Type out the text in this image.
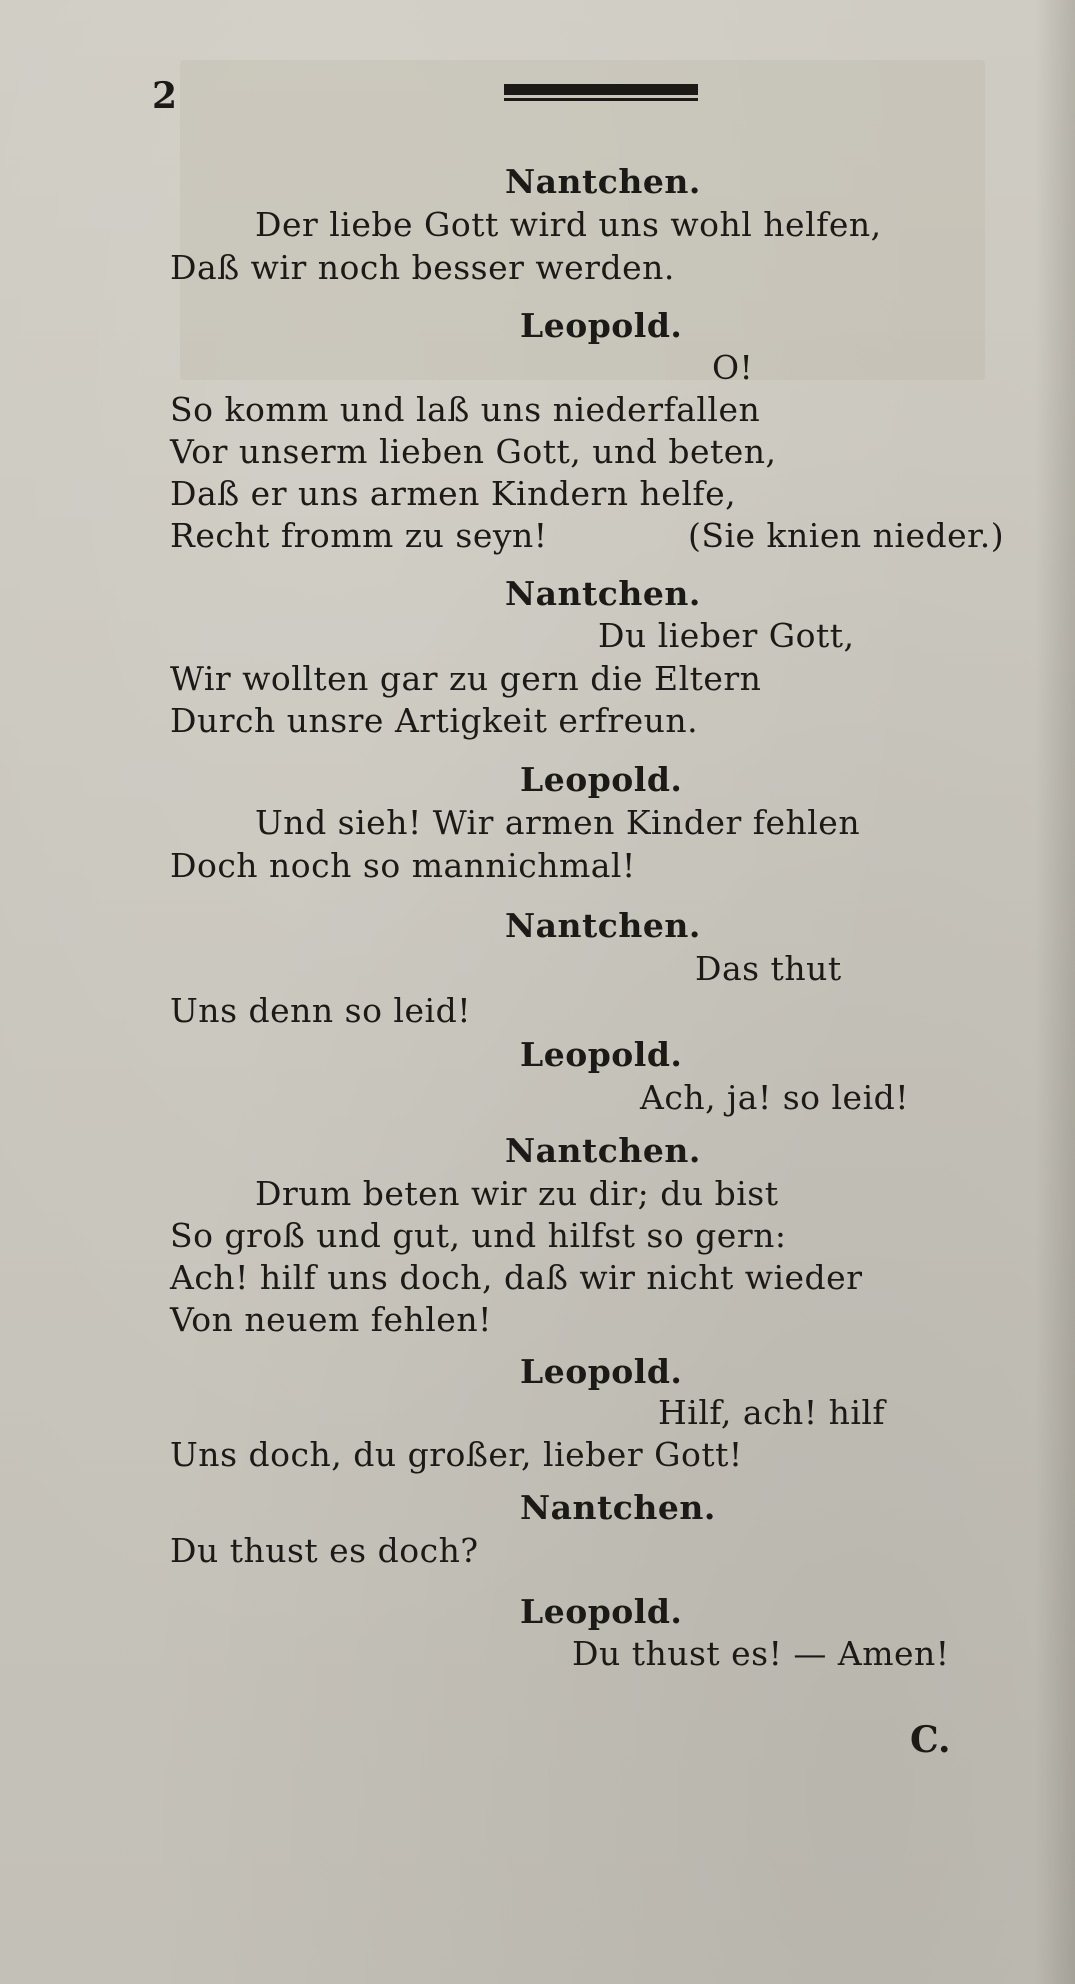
2
Nantchen.
Der liebe Gott wird uns wohl helfen,
Daß wir noch besser werden.
Leopold.
O!
So komm und laß uns niederfallen
Vor unserm lieben Gott, und beten,
Daß er uns armen Kindern helfe,
Recht fromm zu seyn!	(Sie knien nieder.)
Nantchen.
Du lieber Gott,
Wir wollten gar zu gern die Eltern
Durch unsre Artigkeit erfreun.
Leopold.
Und sieh! Wir armen Kinder fehlen
Doch noch so mannichmal!
Nantchen.
Das thut
Uns denn so leid!
Leopold.
Ach, ja! so leid!
Nantchen.
Drum beten wir zu dir; du bist
So groß und gut, und hilfst so gern:
Ach! hilf uns doch, daß wir nicht wieder
Von neuem fehlen!
Leopold.
Hilf, ach! hilf
Uns doch, du großer, lieber Gott!
Nantchen.
Du thust es doch?
Leopold.
Du thust es! — Amen!
C.
